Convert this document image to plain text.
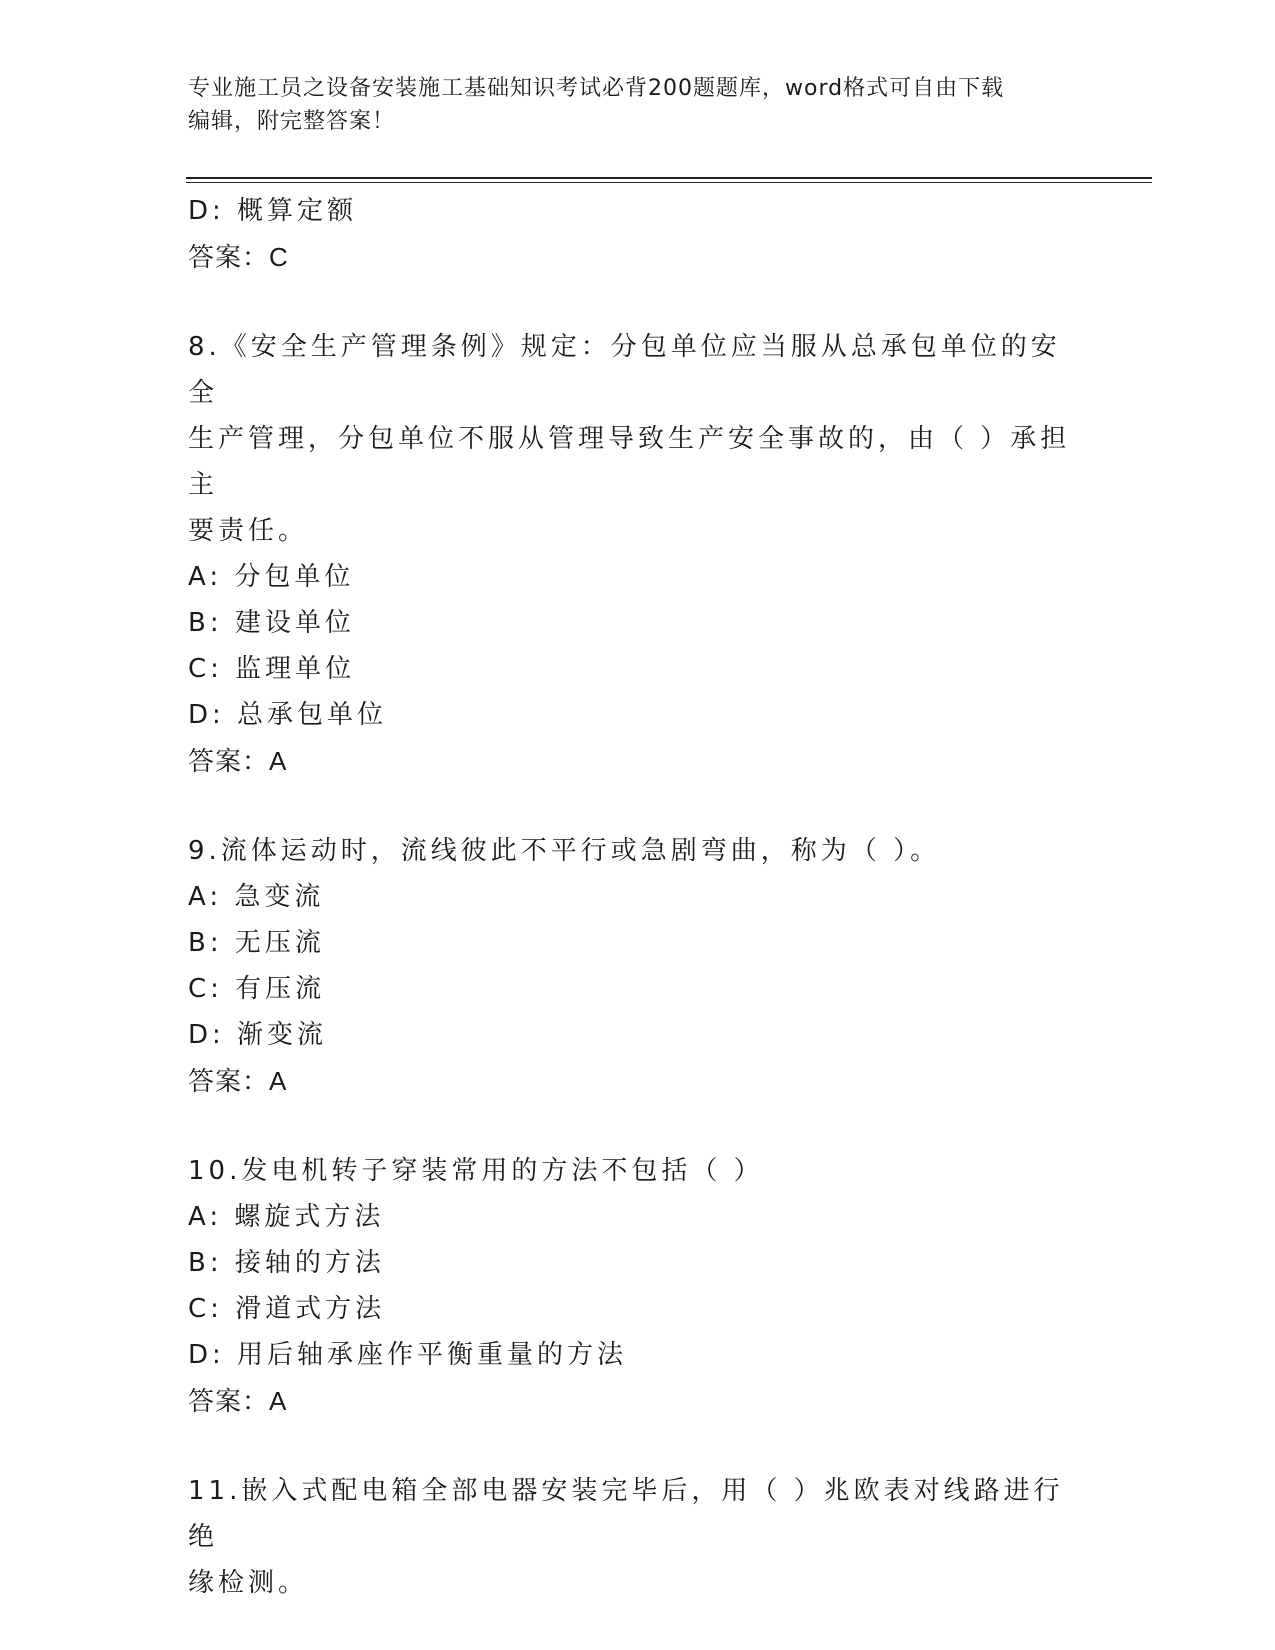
专业施工员之设备安装施工基础知识考试必背200题题库，word格式可自由下载
编辑，附完整答案！
D: 概算定额
答案：C
8.《安全生产管理条例》规定：分包单位应当服从总承包单位的安全
生产管理，分包单位不服从管理导致生产安全事故的，由（ ）承担主
要责任。
A: 分包单位
B: 建设单位
C: 监理单位
D: 总承包单位
答案：A
9.流体运动时，流线彼此不平行或急剧弯曲，称为（ ）。
A: 急变流
B: 无压流
C: 有压流
D: 渐变流
答案：A
10.发电机转子穿装常用的方法不包括（ ）
A: 螺旋式方法
B: 接轴的方法
C: 滑道式方法
D: 用后轴承座作平衡重量的方法
答案：A
11.嵌入式配电箱全部电器安装完毕后，用（ ）兆欧表对线路进行绝
缘检测。
